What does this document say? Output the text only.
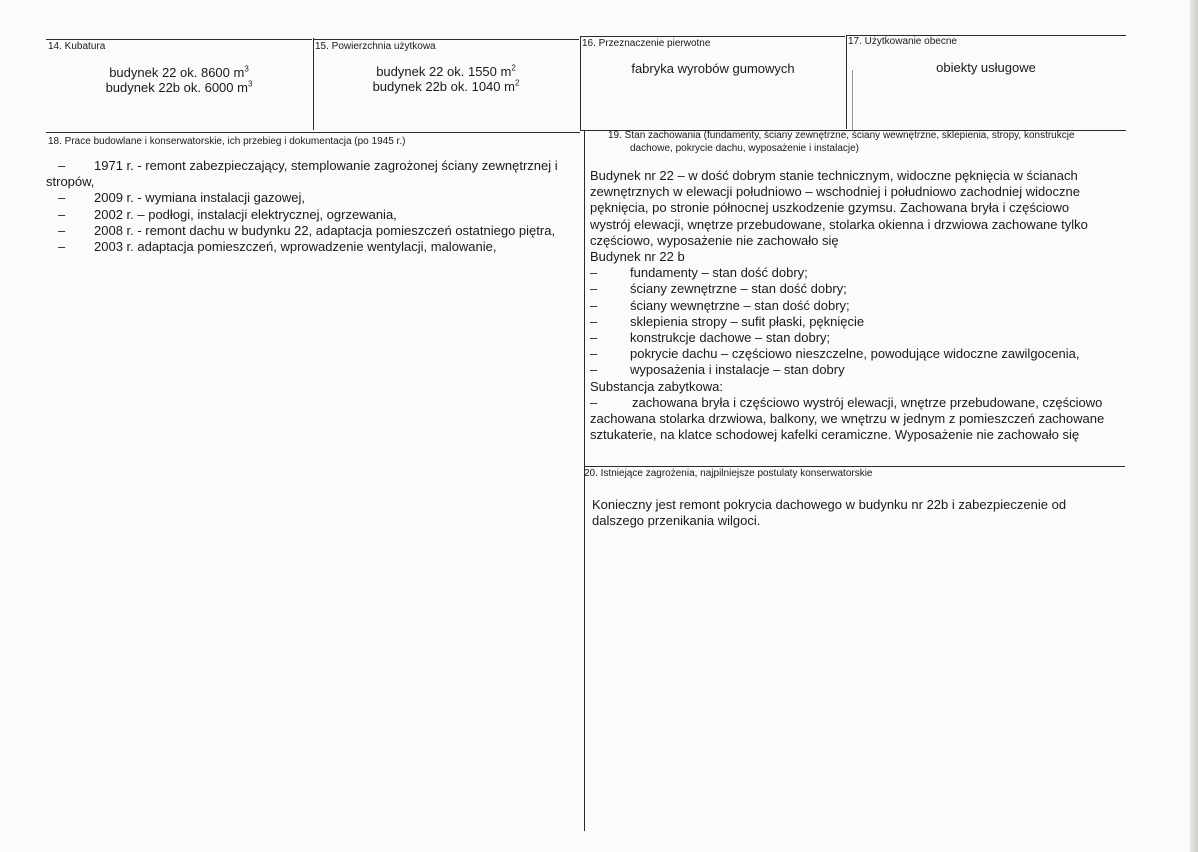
14. Kubatura
budynek 22 ok. 8600 $m^3$
budynek 22b ok. 6000 $m^3$
15. Powierzchnia użytkowa
budynek 22 ok. 1550 $m^2$
budynek 22b ok. 1040 $m^2$
16. Przeznaczenie pierwotne
fabryka wyrobów gumowych
17. Użytkowanie obecne
obiekty usługowe
18. Prace budowlane i konserwatorskie, ich przebieg i dokumentacja (po 1945 r.)

– 1971 r. - remont zabezpieczający, stemplowanie zagrożonej ściany zewnętrznej i

stropów,

– 2009 r. - wymiana instalacji gazowej,

– 2002 r. – podłogi, instalacji elektrycznej, ogrzewania,

– 2008 r. - remont dachu w budynku 22, adaptacja pomieszczeń ostatniego piętra,

– 2003 r. adaptacja pomieszczeń, wprowadzenie wentylacji, malowanie,

19. Stan zachowania (fundamenty, ściany zewnętrzne, ściany wewnętrzne, sklepienia, stropy, konstrukcje
dachowe, pokrycie dachu, wyposażenie i instalacje)

Budynek nr 22 – w dość dobrym stanie technicznym, widoczne pęknięcia w ścianach

zewnętrznych w elewacji południowo – wschodniej i południowo zachodniej widoczne

pęknięcia, po stronie północnej uszkodzenie gzymsu. Zachowana bryła i częściowo

wystrój elewacji, wnętrze przebudowane, stolarka okienna i drzwiowa zachowane tylko

częściowo, wyposażenie nie zachowało się

Budynek nr 22 b

–	fundamenty – stan dość dobry;
–	ściany zewnętrzne – stan dość dobry;
–	ściany wewnętrzne – stan dość dobry;
–	sklepienia stropy – sufit płaski, pęknięcie
–	konstrukcje dachowe – stan dobry;
–	pokrycie dachu – częściowo nieszczelne, powodujące widoczne zawilgocenia,
–	wyposażenia i instalacje – stan dobry

Substancja zabytkowa:

–	zachowana bryła i częściowo wystrój elewacji, wnętrze przebudowane, częściowo

zachowana stolarka drzwiowa, balkony, we wnętrzu w jednym z pomieszczeń zachowane

sztukaterie, na klatce schodowej kafelki ceramiczne. Wyposażenie nie zachowało się

20. Istniejące zagrożenia, najpilniejsze postulaty konserwatorskie

Konieczny jest remont pokrycia dachowego w budynku nr 22b i zabezpieczenie od

dalszego przenikania wilgoci.
